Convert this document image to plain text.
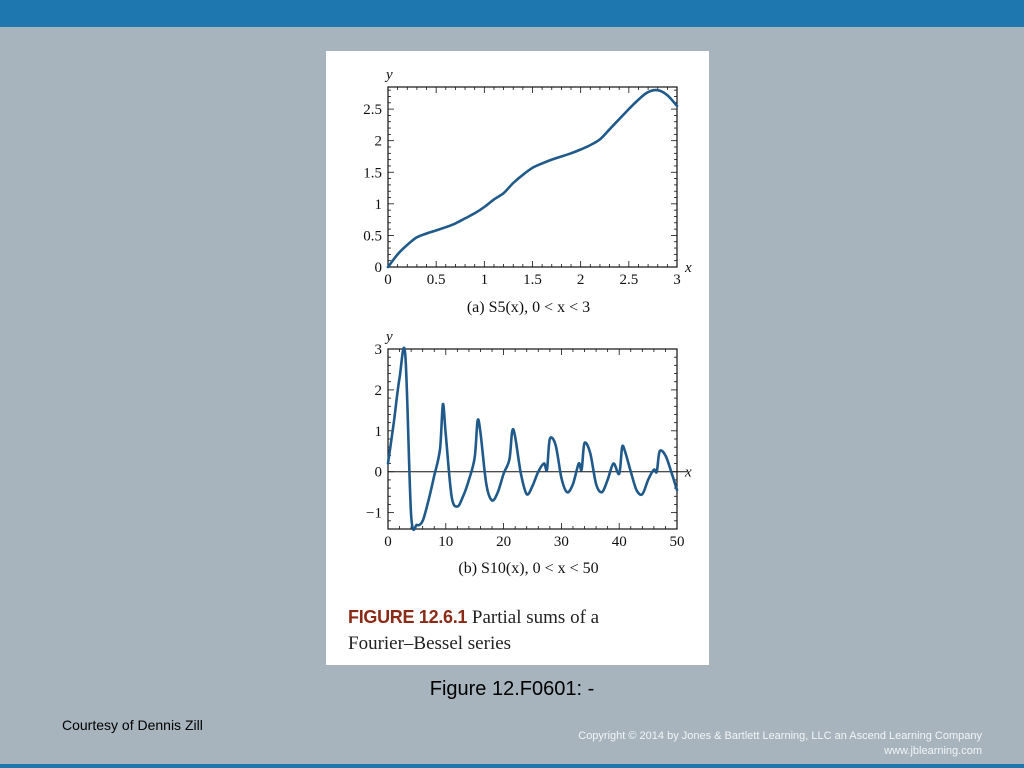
0 0.5 1 1.5 2 2.5 3
0
0.5
1
1.5
2
2.5
x
y
(a) S5(x), 0 < x < 3
0	10	20	30	40	50
−1
0
1
2
3
x
y
(b) S10(x), 0 < x < 50
FIGURE 12.6.1 Partial sums of a
Fourier–Bessel series
Figure 12.F0601: -
Courtesy of Dennis Zill
Copyright © 2014 by Jones & Bartlett Learning, LLC an Ascend Learning Company
www.jblearning.com
